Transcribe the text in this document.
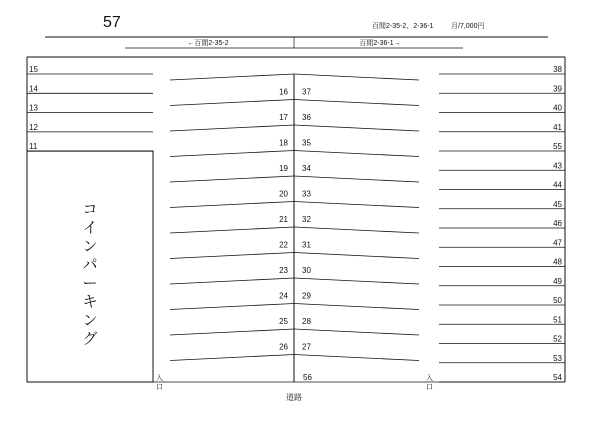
57	百閒2-35-2、2-36-1	月/7,000円
←百閒2-35-2	百閒2-36-1→
コ
イ
ン
パ
ー
キ
ン
グ
15
14
13
12
11
16
17
18
19
20
21
22
23
24
25
26
37
36
35
34
33
32
31
30
29
28
27
38
39
40
41
55
43
44
45
46
47
48
49
50
51
52
53
54
56
入
口
入
口
道路
